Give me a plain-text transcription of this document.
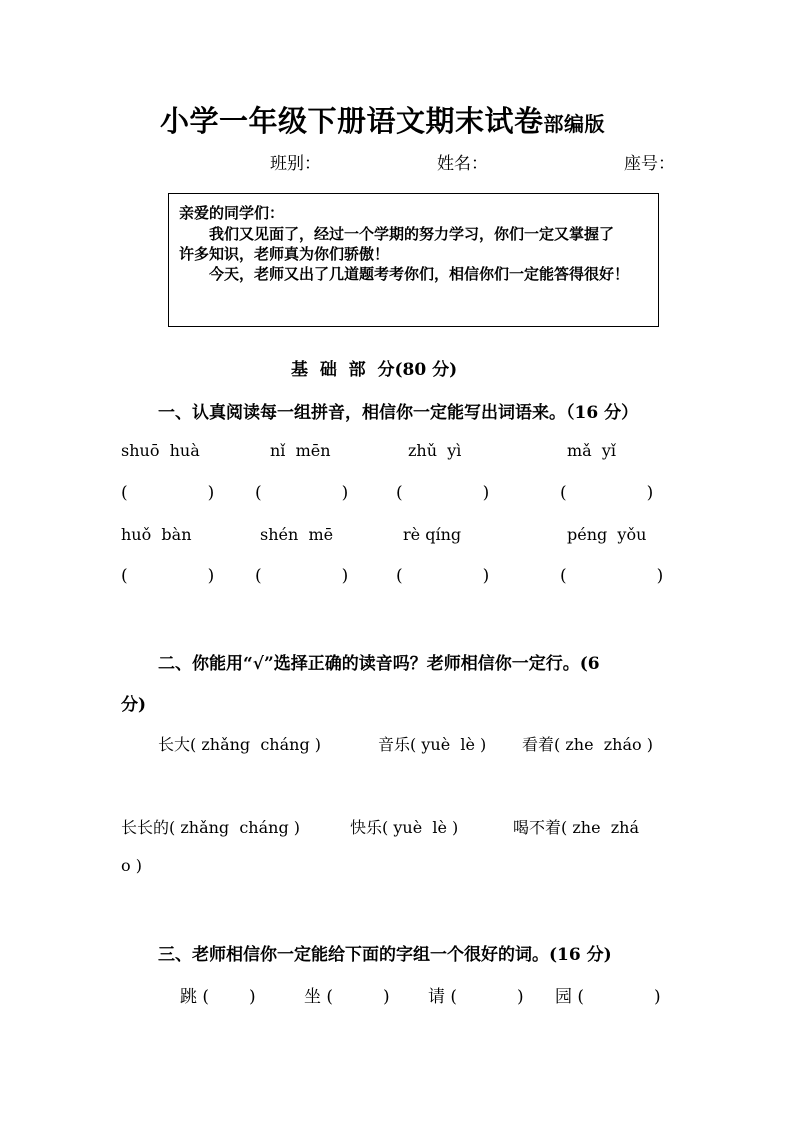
小学一年级下册语文期末试卷部编版
班别：	姓名：	座号：
亲爱的同学们：
我们又见面了，经过一个学期的努力学习，你们一定又掌握了
许多知识，老师真为你们骄傲！
今天，老师又出了几道题考考你们，相信你们一定能答得很好！
基  础  部  分(80 分)
一、认真阅读每一组拼音，相信你一定能写出词语来。（16 分）
shuō  huà	nǐ  mēn	zhǔ  yì	mǎ  yǐ
(	) (	)	(	)	(	)
huǒ  bàn	shén  mē	rè qíng	péng  yǒu
(	) (	)	(	)	(	)
二、你能用“√”选择正确的读音吗？老师相信你一定行。(6
分)
长大( zhǎng  cháng )	音乐( yuè  lè ) 看着( zhe  zháo )
长长的( zhǎng  cháng )	快乐( yuè  lè )	喝不着( zhe  zhá
o )
三、老师相信你一定能给下面的字组一个很好的词。(16 分)
跳 ( )	坐 (	) 请 (	) 园 (	)
